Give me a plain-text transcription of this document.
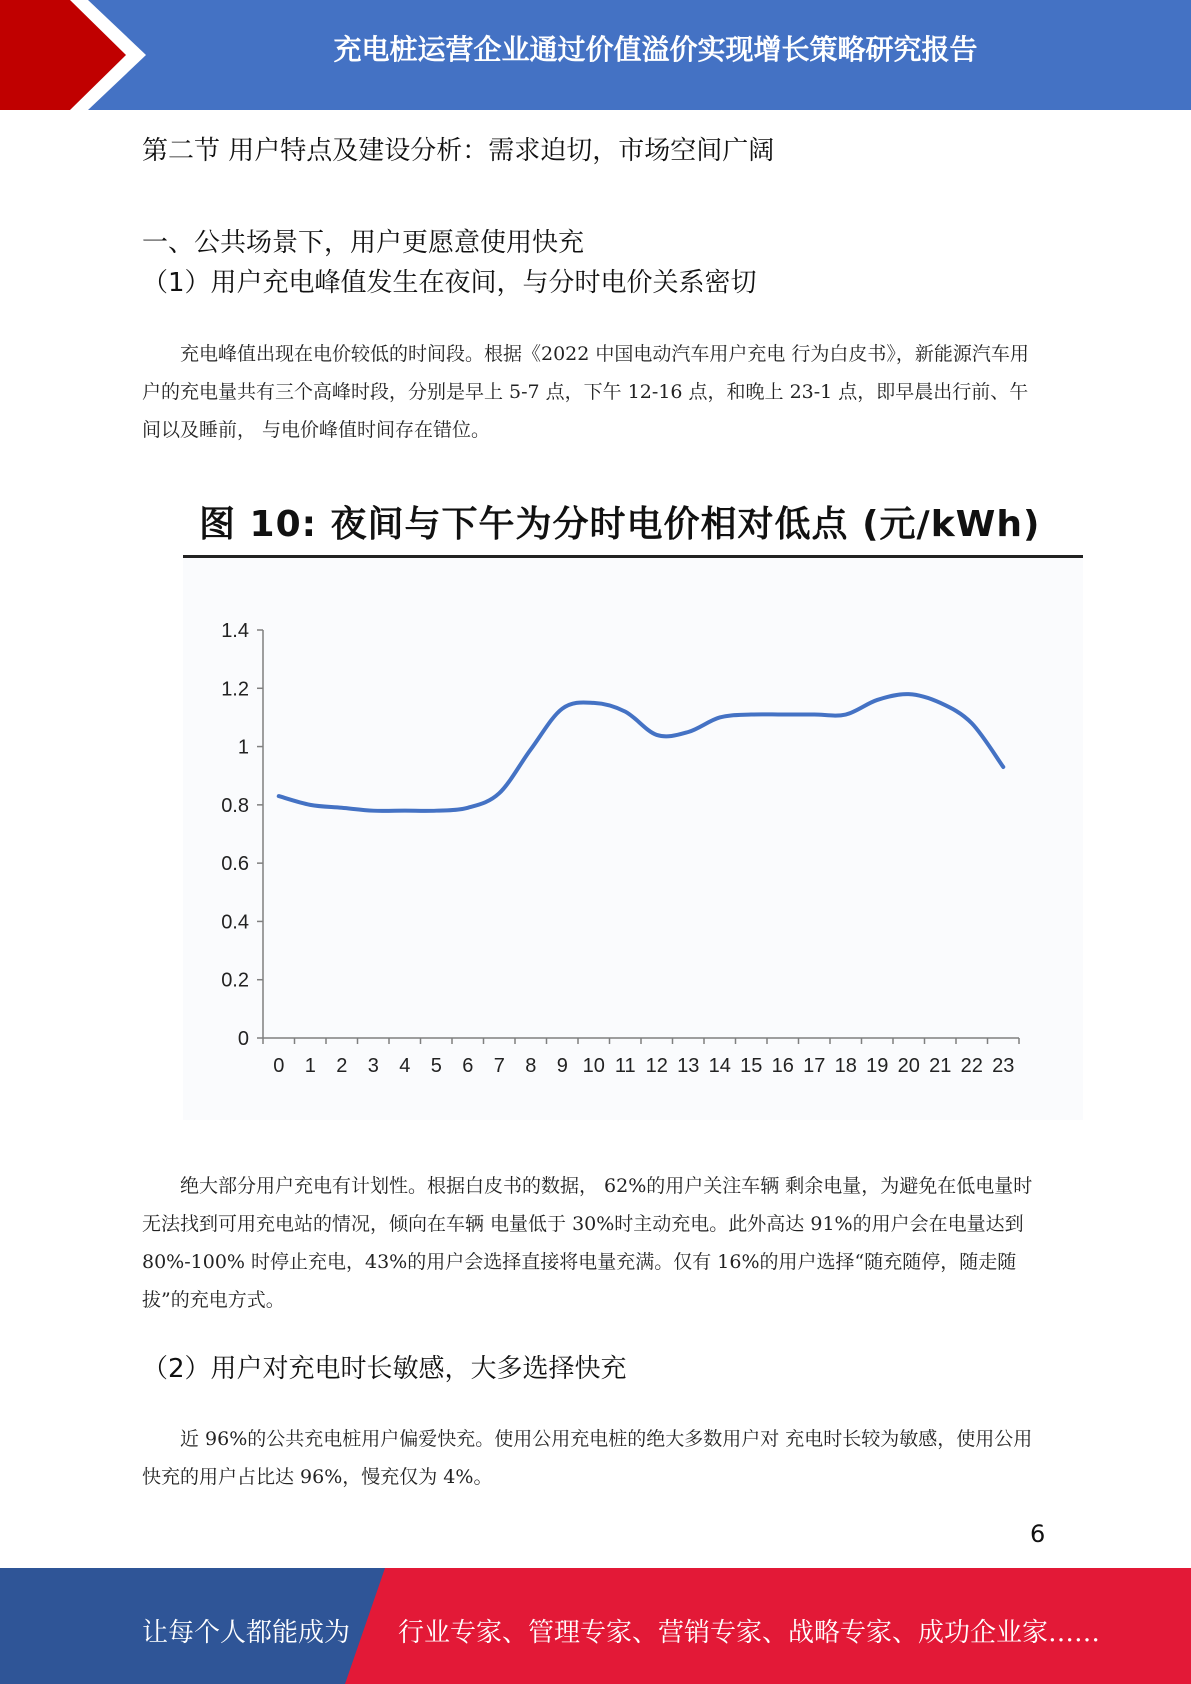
充电桩运营企业通过价值溢价实现增长策略研究报告
第二节 用户特点及建设分析：需求迫切，市场空间广阔
一、公共场景下，用户更愿意使用快充
（1）用户充电峰值发生在夜间，与分时电价关系密切
充电峰值出现在电价较低的时间段。根据《2022 中国电动汽车用户充电 行为白皮书》，新能源汽车用户的充电量共有三个高峰时段，分别是早上 5-7 点，下午 12-16 点，和晚上 23-1 点，即早晨出行前、午间以及睡前， 与电价峰值时间存在错位。
图 10: 夜间与下午为分时电价相对低点 (元/kWh)
0
0.2
0.4
0.6
0.8
1
1.2
1.4
0 1 2 3 4 5 6 7 8 9 10 11 12 13 14 15 16 17 18 19 20 21 22 23
绝大部分用户充电有计划性。根据白皮书的数据， 62%的用户关注车辆 剩余电量，为避免在低电量时无法找到可用充电站的情况，倾向在车辆 电量低于 30%时主动充电。此外高达 91%的用户会在电量达到 80%-100% 时停止充电，43%的用户会选择直接将电量充满。仅有 16%的用户选择“随充随停，随走随拔”的充电方式。
（2）用户对充电时长敏感，大多选择快充
近 96%的公共充电桩用户偏爱快充。使用公用充电桩的绝大多数用户对 充电时长较为敏感，使用公用快充的用户占比达 96%，慢充仅为 4%。
6
让每个人都能成为 行业专家、管理专家、营销专家、战略专家、成功企业家……
